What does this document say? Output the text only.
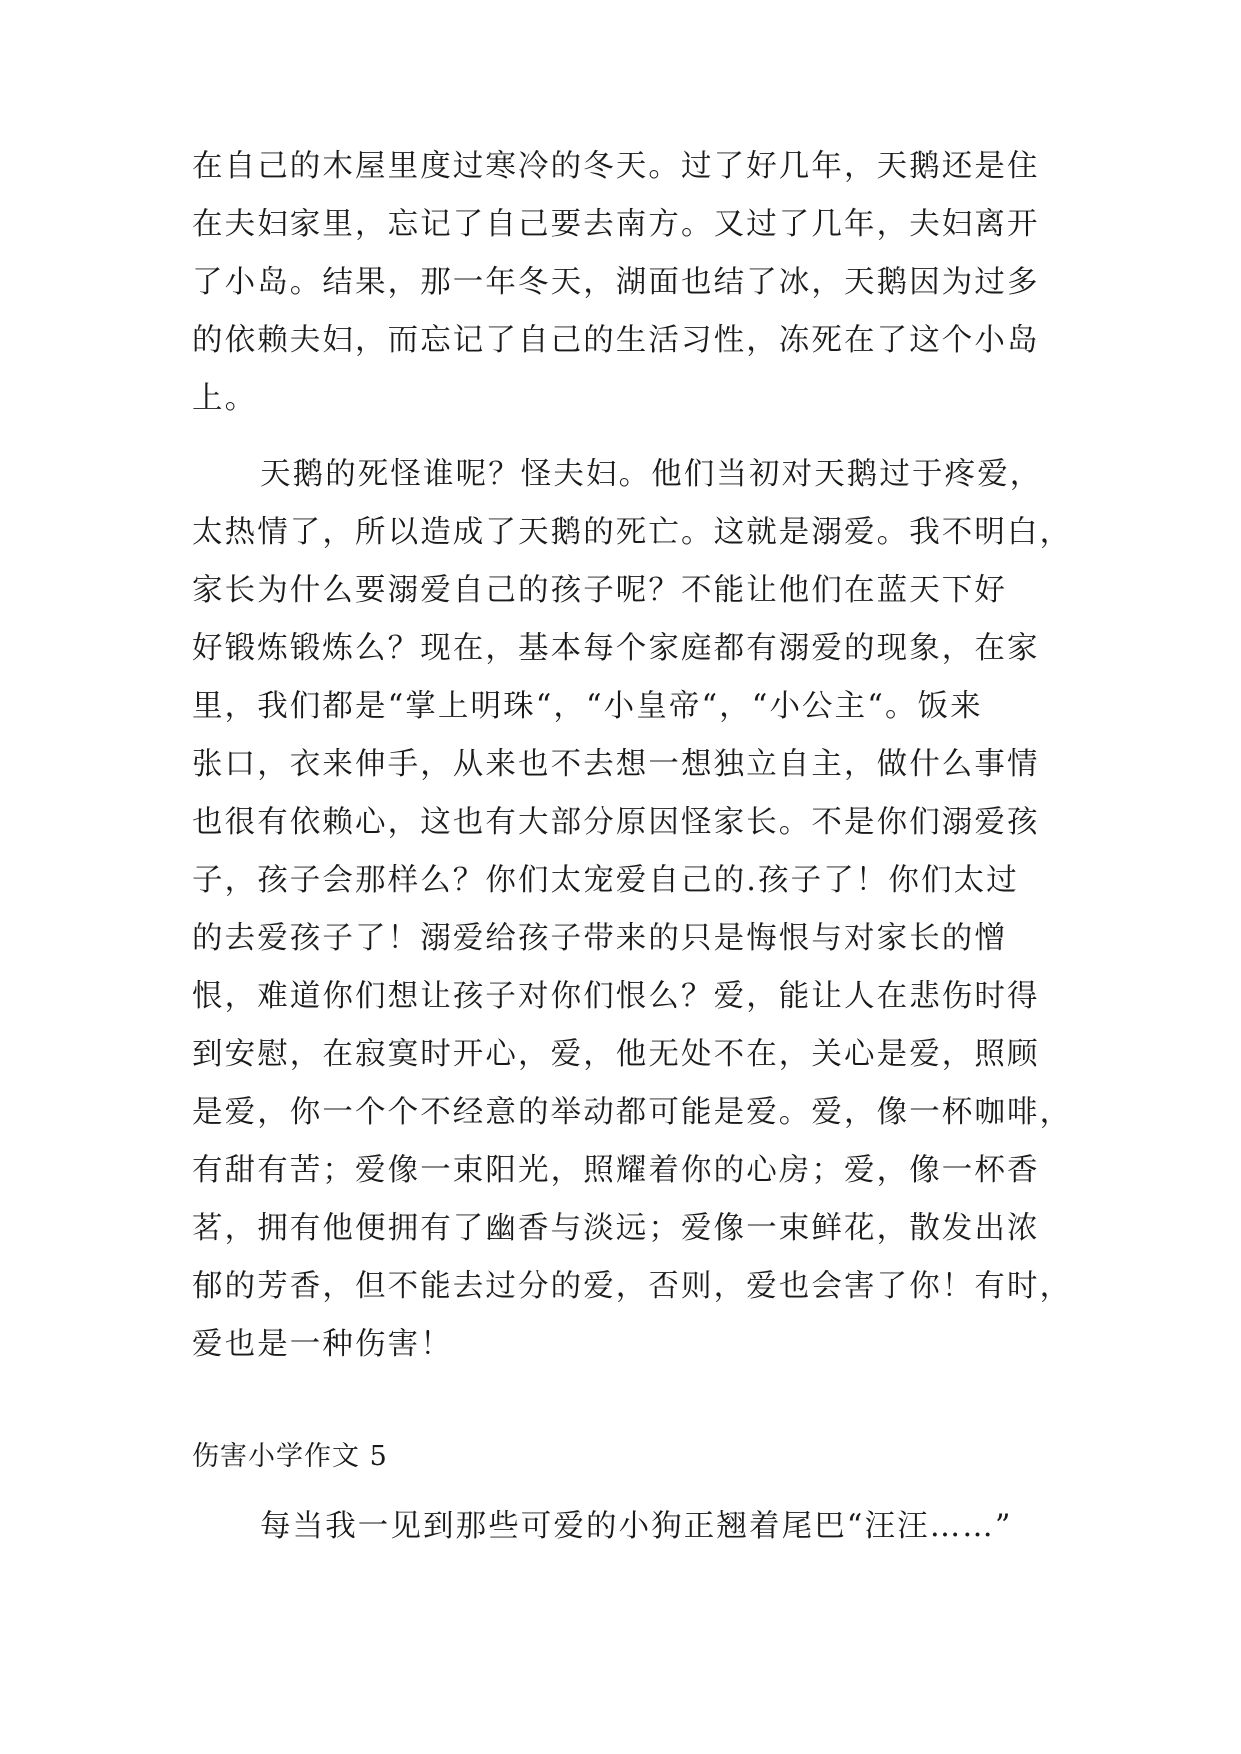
在自己的木屋里度过寒冷的冬天。过了好几年，天鹅还是住
在夫妇家里，忘记了自己要去南方。又过了几年，夫妇离开
了小岛。结果，那一年冬天，湖面也结了冰，天鹅因为过多
的依赖夫妇，而忘记了自己的生活习性，冻死在了这个小岛
上。
天鹅的死怪谁呢？怪夫妇。他们当初对天鹅过于疼爱，
太热情了，所以造成了天鹅的死亡。这就是溺爱。我不明白，
家长为什么要溺爱自己的孩子呢？不能让他们在蓝天下好
好锻炼锻炼么？现在，基本每个家庭都有溺爱的现象，在家
里，我们都是“掌上明珠“，“小皇帝“，“小公主“。饭来
张口，衣来伸手，从来也不去想一想独立自主，做什么事情
也很有依赖心，这也有大部分原因怪家长。不是你们溺爱孩
子，孩子会那样么？你们太宠爱自己的.孩子了！你们太过
的去爱孩子了！溺爱给孩子带来的只是悔恨与对家长的憎
恨，难道你们想让孩子对你们恨么？爱，能让人在悲伤时得
到安慰，在寂寞时开心，爱，他无处不在，关心是爱，照顾
是爱，你一个个不经意的举动都可能是爱。爱，像一杯咖啡，
有甜有苦；爱像一束阳光，照耀着你的心房；爱，像一杯香
茗，拥有他便拥有了幽香与淡远；爱像一束鲜花，散发出浓
郁的芳香，但不能去过分的爱，否则，爱也会害了你！有时，
爱也是一种伤害！
伤害小学作文 5
每当我一见到那些可爱的小狗正翘着尾巴“汪汪……”
